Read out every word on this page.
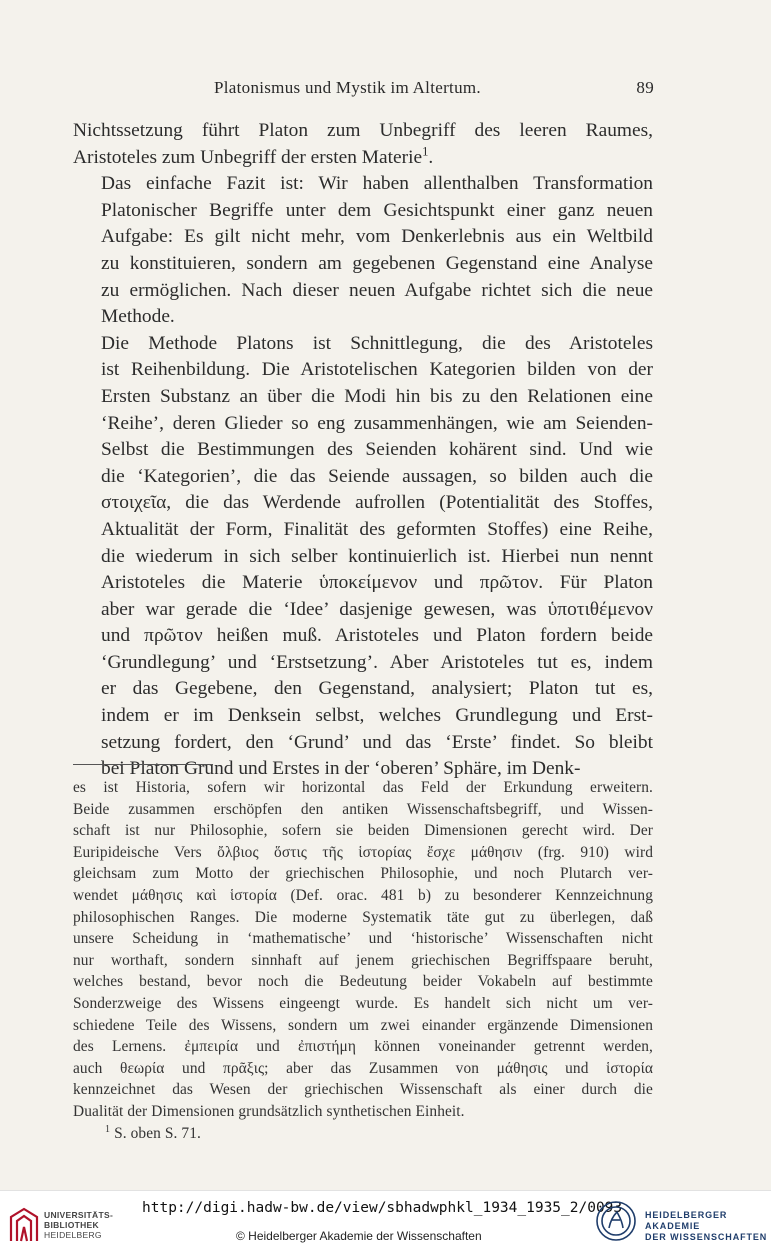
Platonismus und Mystik im Altertum.	89

Nichtssetzung führt Platon zum Unbegriff des leeren Raumes,
Aristoteles zum Unbegriff der ersten Materie$^1$.

Das einfache Fazit ist: Wir haben allenthalben Transformation
Platonischer Begriffe unter dem Gesichtspunkt einer ganz neuen
Aufgabe: Es gilt nicht mehr, vom Denkerlebnis aus ein Weltbild
zu konstituieren, sondern am gegebenen Gegenstand eine Analyse
zu ermöglichen. Nach dieser neuen Aufgabe richtet sich die neue
Methode.

Die Methode Platons ist Schnittlegung, die des Aristoteles
ist Reihenbildung. Die Aristotelischen Kategorien bilden von der
Ersten Substanz an über die Modi hin bis zu den Relationen eine
‘Reihe’, deren Glieder so eng zusammenhängen, wie am Seienden-
Selbst die Bestimmungen des Seienden kohärent sind. Und wie
die ‘Kategorien’, die das Seiende aussagen, so bilden auch die
στοιχεῖα, die das Werdende aufrollen (Potentialität des Stoffes,
Aktualität der Form, Finalität des geformten Stoffes) eine Reihe,
die wiederum in sich selber kontinuierlich ist. Hierbei nun nennt
Aristoteles die Materie ὑποκείμενον und πρῶτον. Für Platon
aber war gerade die ‘Idee’ dasjenige gewesen, was ὑποτιθέμενον
und πρῶτον heißen muß. Aristoteles und Platon fordern beide
‘Grundlegung’ und ‘Erstsetzung’. Aber Aristoteles tut es, indem
er das Gegebene, den Gegenstand, analysiert; Platon tut es,
indem er im Denksein selbst, welches Grundlegung und Erst-
setzung fordert, den ‘Grund’ und das ‘Erste’ findet. So bleibt
bei Platon Grund und Erstes in der ‘oberen’ Sphäre, im Denk-

es ist Historia, sofern wir horizontal das Feld der Erkundung erweitern.
Beide zusammen erschöpfen den antiken Wissenschaftsbegriff, und Wissen-
schaft ist nur Philosophie, sofern sie beiden Dimensionen gerecht wird. Der
Euripideische Vers ὄλβιος ὅστις τῆς ἱστορίας ἔσχε μάθησιν (frg. 910) wird
gleichsam zum Motto der griechischen Philosophie, und noch Plutarch ver-
wendet μάθησις καὶ ἱστορία (Def. orac. 481 b) zu besonderer Kennzeichnung
philosophischen Ranges. Die moderne Systematik täte gut zu überlegen, daß
unsere Scheidung in ‘mathematische’ und ‘historische’ Wissenschaften nicht
nur worthaft, sondern sinnhaft auf jenem griechischen Begriffspaare beruht,
welches bestand, bevor noch die Bedeutung beider Vokabeln auf bestimmte
Sonderzweige des Wissens eingeengt wurde. Es handelt sich nicht um ver-
schiedene Teile des Wissens, sondern um zwei einander ergänzende Dimensionen
des Lernens. ἐμπειρία und ἐπιστήμη können voneinander getrennt werden,
auch θεωρία und πρᾶξις; aber das Zusammen von μάθησις und ἱστορία
kennzeichnet das Wesen der griechischen Wissenschaft als einer durch die
Dualität der Dimensionen grundsätzlich synthetischen Einheit.
$^1$ S. oben S. 71.
UNIVERSITÄTS-
BIBLIOTHEK
HEIDELBERG
http://digi.hadw-bw.de/view/sbhadwphkl_1934_1935_2/0093
© Heidelberger Akademie der Wissenschaften
HEIDELBERGER AKADEMIE
DER WISSENSCHAFTEN
